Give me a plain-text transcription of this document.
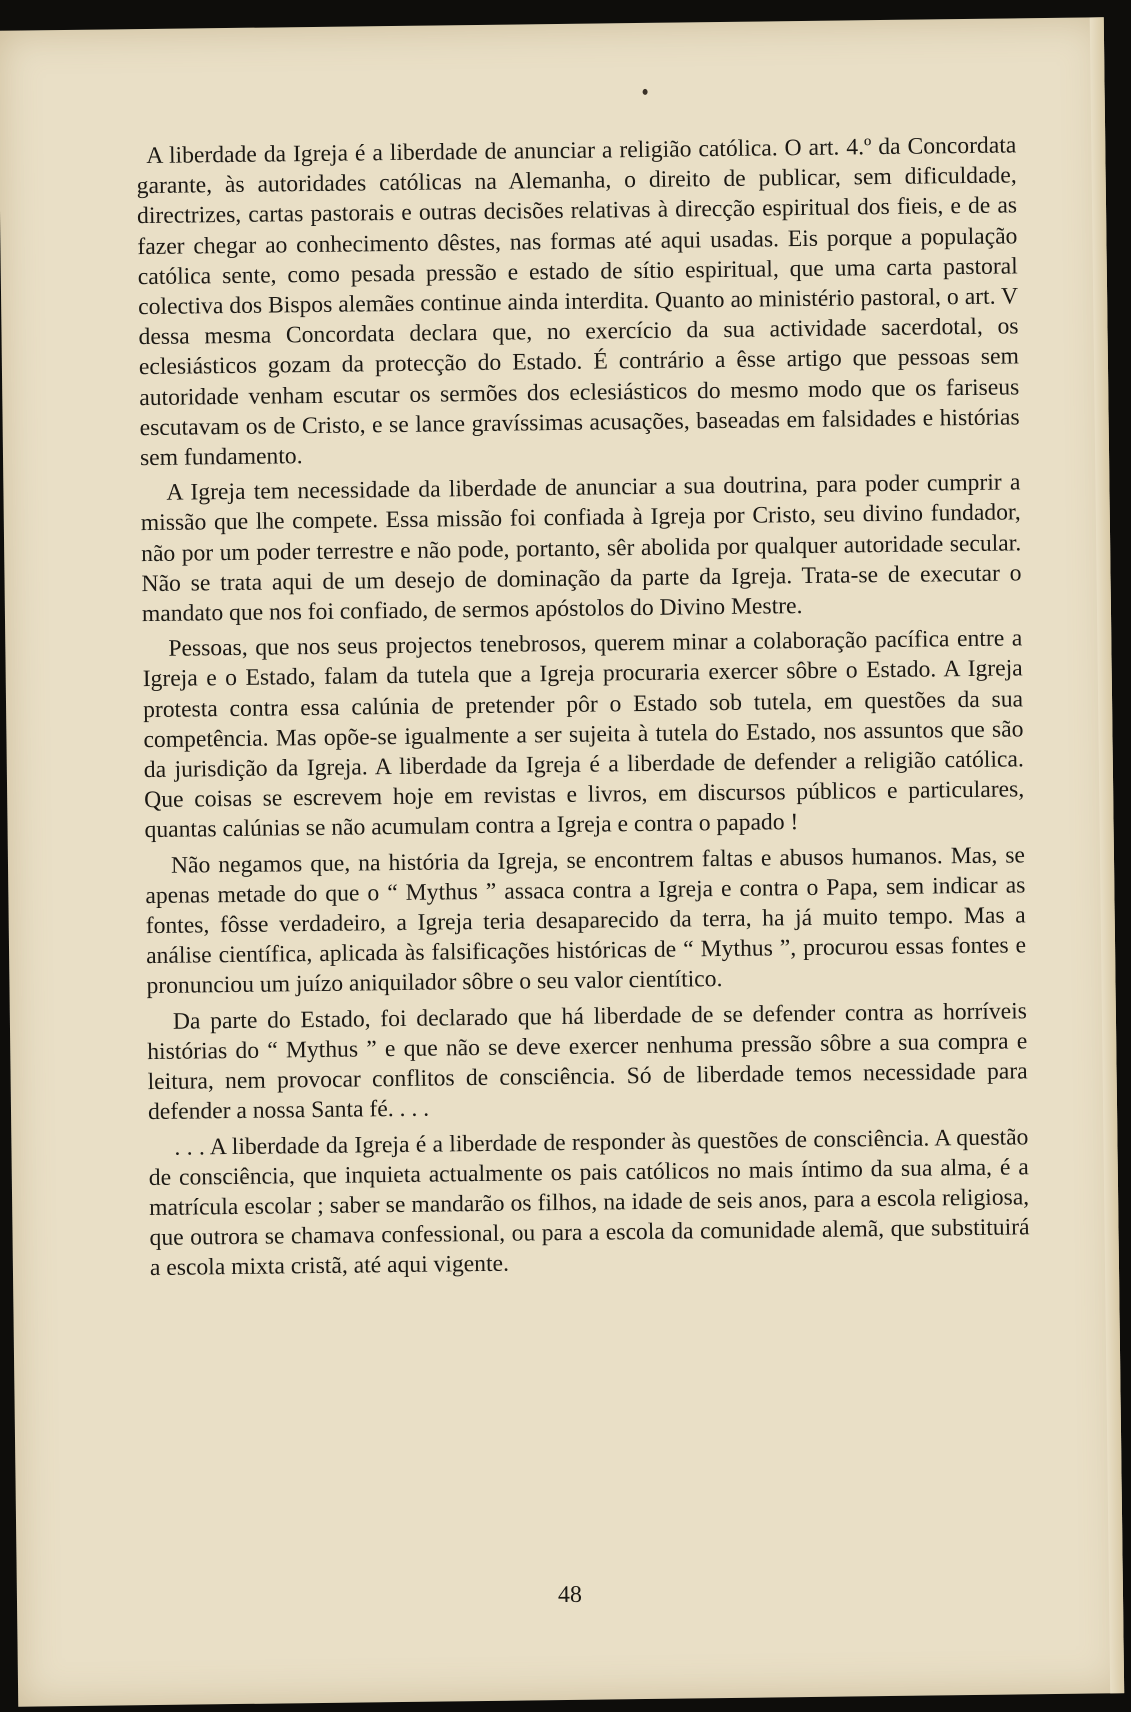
A liberdade da Igreja é a liberdade de anunciar a religião católica. O art. 4.º da Concordata garante, às autoridades católicas na Alemanha, o direito de publicar, sem dificuldade, directrizes, cartas pastorais e outras decisões relativas à direcção espiritual dos fieis, e de as fazer chegar ao conhecimento dêstes, nas formas até aqui usadas. Eis porque a população católica sente, como pesada pressão e estado de sítio espiritual, que uma carta pastoral colectiva dos Bispos alemães continue ainda interdita. Quanto ao ministério pastoral, o art. V dessa mesma Concordata declara que, no exercício da sua actividade sacerdotal, os eclesiásticos gozam da protecção do Estado. É contrário a êsse artigo que pessoas sem autoridade venham escutar os sermões dos eclesiásticos do mesmo modo que os fariseus escutavam os de Cristo, e se lance gravíssimas acusações, baseadas em falsidades e histórias sem fundamento.

A Igreja tem necessidade da liberdade de anunciar a sua doutrina, para poder cumprir a missão que lhe compete. Essa missão foi confiada à Igreja por Cristo, seu divino fundador, não por um poder terrestre e não pode, portanto, sêr abolida por qualquer autoridade secular. Não se trata aqui de um desejo de dominação da parte da Igreja. Trata-se de executar o mandato que nos foi confiado, de sermos apóstolos do Divino Mestre.

Pessoas, que nos seus projectos tenebrosos, querem minar a colaboração pacífica entre a Igreja e o Estado, falam da tutela que a Igreja procuraria exercer sôbre o Estado. A Igreja protesta contra essa calúnia de pretender pôr o Estado sob tutela, em questões da sua competência. Mas opõe-se igualmente a ser sujeita à tutela do Estado, nos assuntos que são da jurisdição da Igreja. A liberdade da Igreja é a liberdade de defender a religião católica. Que coisas se escrevem hoje em revistas e livros, em discursos públicos e particulares, quantas calúnias se não acumulam contra a Igreja e contra o papado !

Não negamos que, na história da Igreja, se encontrem faltas e abusos humanos. Mas, se apenas metade do que o “ Mythus ” assaca contra a Igreja e contra o Papa, sem indicar as fontes, fôsse verdadeiro, a Igreja teria desaparecido da terra, ha já muito tempo. Mas a análise científica, aplicada às falsificações históricas de “ Mythus ”, procurou essas fontes e pronunciou um juízo aniquilador sôbre o seu valor cientítico.

Da parte do Estado, foi declarado que há liberdade de se defender contra as horríveis histórias do “ Mythus ” e que não se deve exercer nenhuma pressão sôbre a sua compra e leitura, nem provocar conflitos de consciência. Só de liberdade temos necessidade para defender a nossa Santa fé. . . .

. . . A liberdade da Igreja é a liberdade de responder às questões de consciência. A questão de consciência, que inquieta actualmente os pais católicos no mais íntimo da sua alma, é a matrícula escolar ; saber se mandarão os filhos, na idade de seis anos, para a escola religiosa, que outrora se chamava confessional, ou para a escola da comunidade alemã, que substituirá a escola mixta cristã, até aqui vigente.

48
